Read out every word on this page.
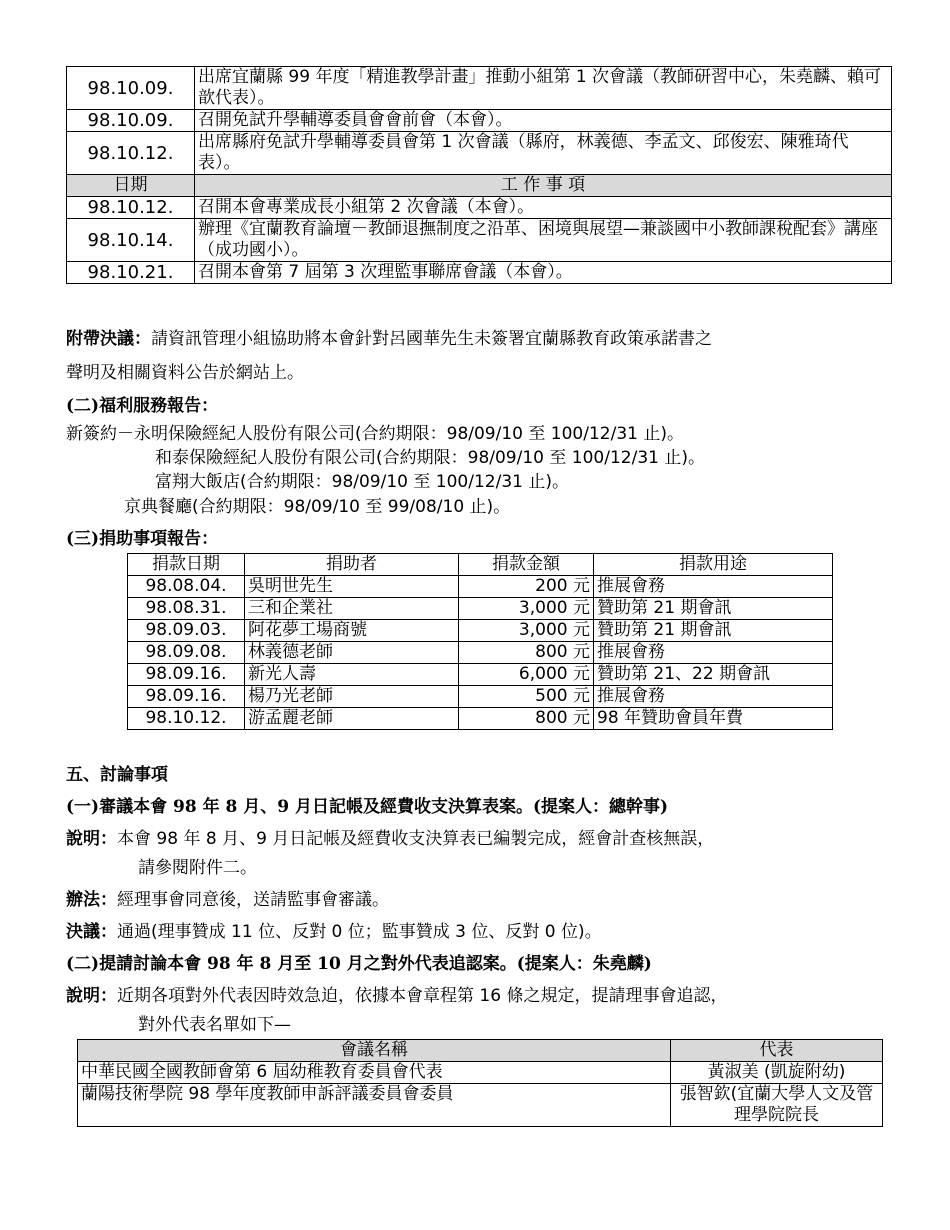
98.10.09.	出席宜蘭縣 99 年度「精進教學計畫」推動小組第 1 次會議（教師研習中心，朱堯麟、賴可歆代表）。
98.10.09.	召開免試升學輔導委員會會前會（本會）。
98.10.12.	出席縣府免試升學輔導委員會第 1 次會議（縣府，林義德、李孟文、邱俊宏、陳雅琦代表）。
日期	工 作 事 項
98.10.12.	召開本會專業成長小組第 2 次會議（本會）。
98.10.14.	辦理《宜蘭教育論壇－教師退撫制度之沿革、困境與展望—兼談國中小教師課稅配套》講座（成功國小）。
98.10.21.	召開本會第 7 屆第 3 次理監事聯席會議（本會）。
附帶決議：請資訊管理小組協助將本會針對呂國華先生未簽署宜蘭縣教育政策承諾書之
聲明及相關資料公告於網站上。
(二)福利服務報告：
新簽約－永明保險經紀人股份有限公司(合約期限：98/09/10 至 100/12/31 止)。
和泰保險經紀人股份有限公司(合約期限：98/09/10 至 100/12/31 止)。
富翔大飯店(合約期限：98/09/10 至 100/12/31 止)。
京典餐廳(合約期限：98/09/10 至 99/08/10 止)。
(三)捐助事項報告：
捐款日期	捐助者	捐款金額	捐款用途
98.08.04.	吳明世先生	200 元	推展會務
98.08.31.	三和企業社	3,000 元	贊助第 21 期會訊
98.09.03.	阿花夢工場商號	3,000 元	贊助第 21 期會訊
98.09.08.	林義德老師	800 元	推展會務
98.09.16.	新光人壽	6,000 元	贊助第 21、22 期會訊
98.09.16.	楊乃光老師	500 元	推展會務
98.10.12.	游孟麗老師	800 元	98 年贊助會員年費
五、討論事項
(一)審議本會 98 年 8 月、9 月日記帳及經費收支決算表案。(提案人：總幹事)
說明：本會 98 年 8 月、9 月日記帳及經費收支決算表已編製完成，經會計查核無誤，
請參閱附件二。
辦法：經理事會同意後，送請監事會審議。
決議：通過(理事贊成 11 位、反對 0 位；監事贊成 3 位、反對 0 位)。
(二)提請討論本會 98 年 8 月至 10 月之對外代表追認案。(提案人：朱堯麟)
說明：近期各項對外代表因時效急迫，依據本會章程第 16 條之規定，提請理事會追認，
對外代表名單如下—
會議名稱	代表
中華民國全國教師會第 6 屆幼稚教育委員會代表	黃淑美 (凱旋附幼)
蘭陽技術學院 98 學年度教師申訴評議委員會委員	張智欽(宜蘭大學人文及管理學院院長
